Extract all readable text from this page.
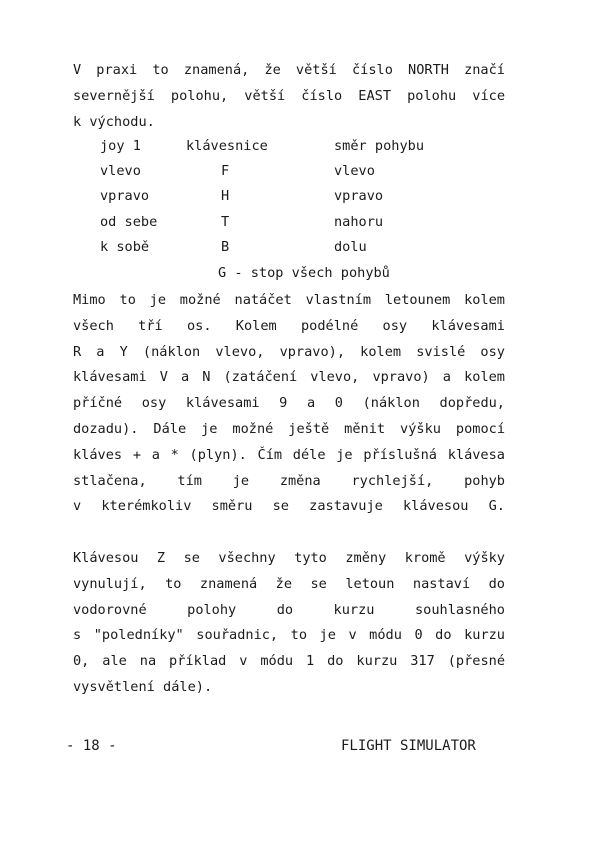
V praxi to znamená, že větší číslo NORTH značí
severnější polohu, větší číslo EAST polohu více
k východu.
joy 1	klávesnice	směr pohybu
vlevo	F	vlevo
vpravo	H	vpravo
od sebe	T	nahoru
k sobě	B	dolu
G - stop všech pohybů
Mimo to je možné natáčet vlastním letounem kolem
všech tří os. Kolem podélné osy klávesami
R a Y (náklon vlevo, vpravo), kolem svislé osy
klávesami V a N (zatáčení vlevo, vpravo) a kolem
příčné osy klávesami 9 a 0 (náklon dopředu,
dozadu). Dále je možné ještě měnit výšku pomocí
kláves + a * (plyn). Čím déle je příslušná klávesa
stlačena, tím je změna rychlejší, pohyb
v kterémkoliv směru se zastavuje klávesou G.
Klávesou Z se všechny tyto změny kromě výšky
vynulují, to znamená že se letoun nastaví do
vodorovné polohy do kurzu souhlasného
s "poledníky" souřadnic, to je v módu 0 do kurzu
0, ale na příklad v módu 1 do kurzu 317 (přesné
vysvětlení dále).
- 18 -	FLIGHT SIMULATOR
